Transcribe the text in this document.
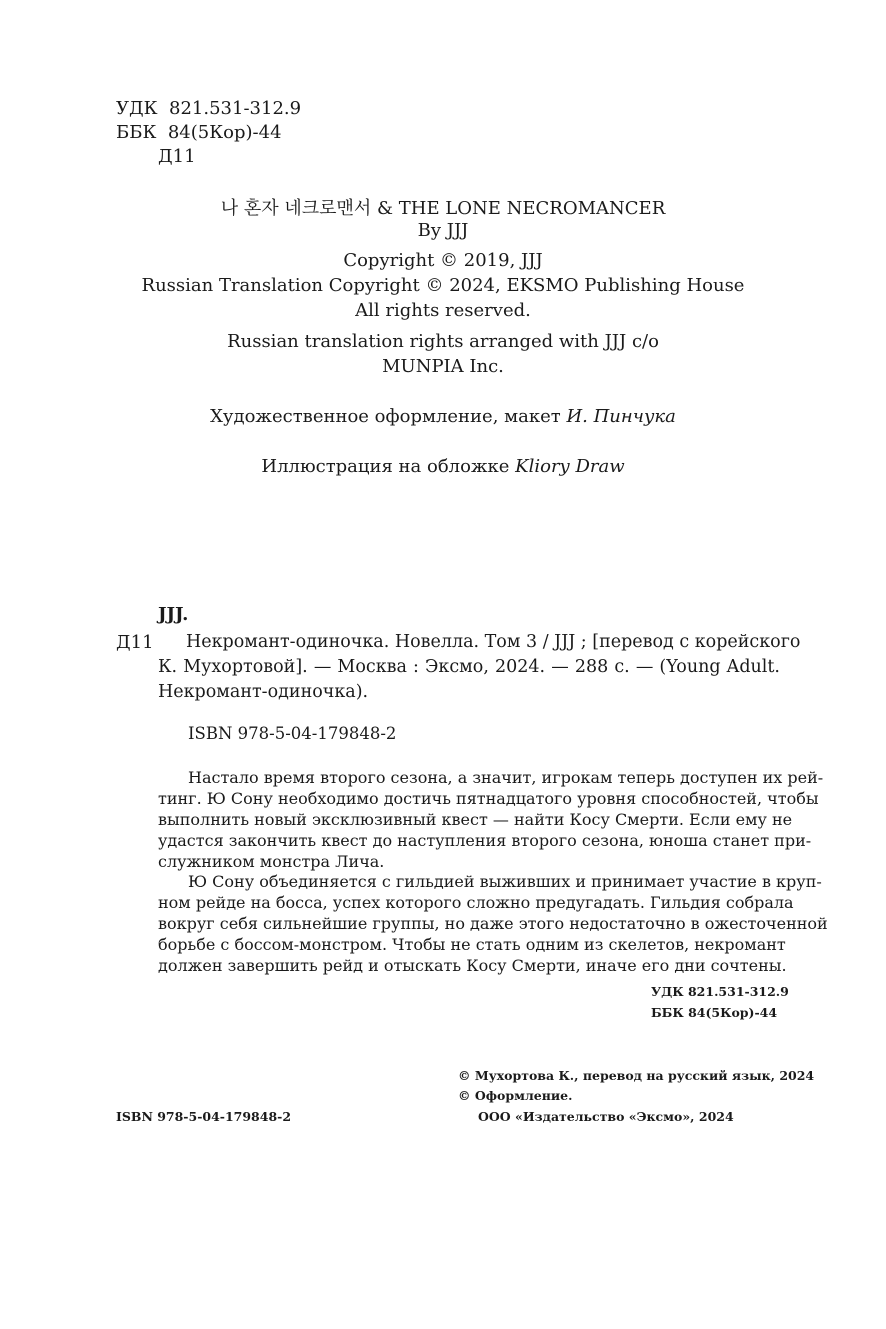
УДК 821.531-312.9
ББК 84(5Кор)-44
Д11
나 혼자 네크로맨서 & THE LONE NECROMANCER
By JJJ
Copyright © 2019, JJJ
Russian Translation Copyright © 2024, EKSMO Publishing House
All rights reserved.
Russian translation rights arranged with JJJ c/o
MUNPIA Inc.
Художественное оформление, макет И. Пинчука
Иллюстрация на обложке Kliory Draw
JJJ.
Д11 Некромант-одиночка. Новелла. Том 3 / JJJ ; [перевод с корейского
К. Мухортовой]. — Москва : Эксмо, 2024. — 288 с. — (Young Adult.
Некромант-одиночка).
ISBN 978-5-04-179848-2
Настало время второго сезона, а значит, игрокам теперь доступен их рей-
тинг. Ю Сону необходимо достичь пятнадцатого уровня способностей, чтобы
выполнить новый эксклюзивный квест — найти Косу Смерти. Если ему не
удастся закончить квест до наступления второго сезона, юноша станет при-
служником монстра Лича.
Ю Сону объединяется с гильдией выживших и принимает участие в круп-
ном рейде на босса, успех которого сложно предугадать. Гильдия собрала
вокруг себя сильнейшие группы, но даже этого недостаточно в ожесточенной
борьбе с боссом-монстром. Чтобы не стать одним из скелетов, некромант
должен завершить рейд и отыскать Косу Смерти, иначе его дни сочтены.
УДК 821.531-312.9
ББК 84(5Кор)-44
ISBN 978-5-04-179848-2
© Мухортова К., перевод на русский язык, 2024
© Оформление.
ООО «Издательство «Эксмо», 2024
